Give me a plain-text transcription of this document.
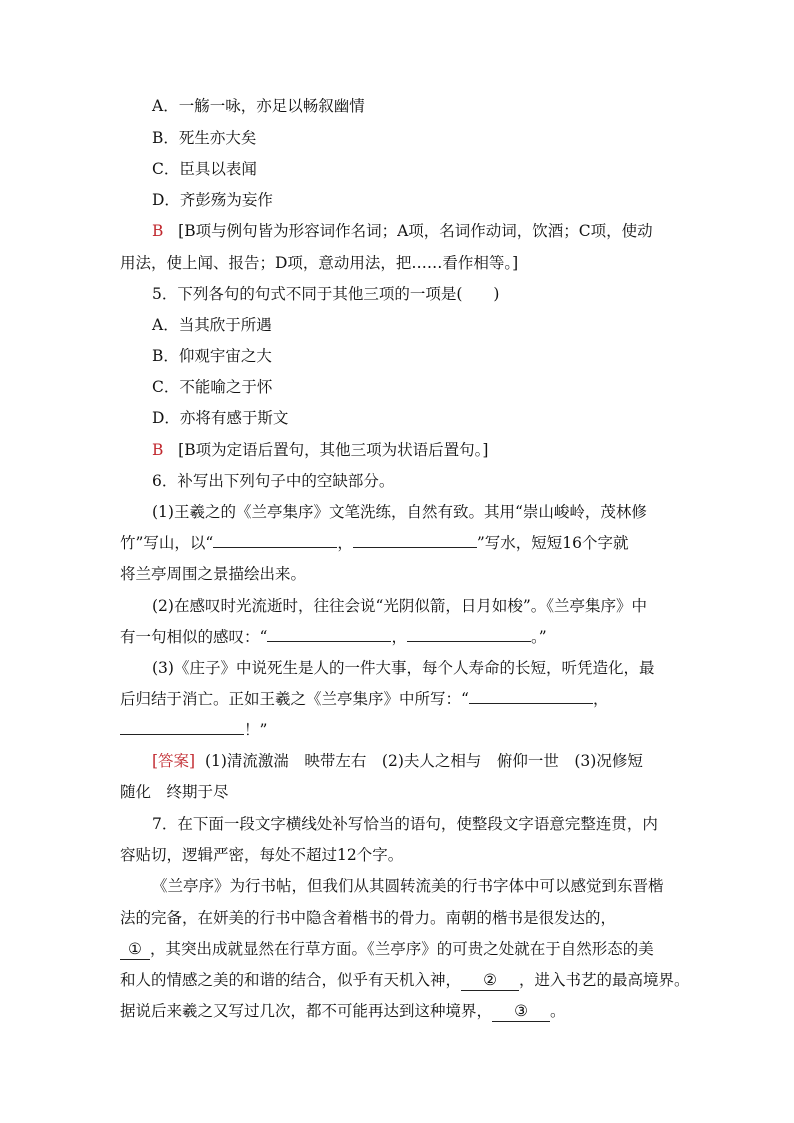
A．一觞一咏，亦足以畅叙幽情
B．死生亦大矣
C．臣具以表闻
D．齐彭殇为妄作
B [B项与例句皆为形容词作名词；A项，名词作动词，饮酒；C项，使动
用法，使上闻、报告；D项，意动用法，把……看作相等。]
5．下列各句的句式不同于其他三项的一项是(　　)
A．当其欣于所遇
B．仰观宇宙之大
C．不能喻之于怀
D．亦将有感于斯文
B [B项为定语后置句，其他三项为状语后置句。]
6．补写出下列句子中的空缺部分。
(1)王羲之的《兰亭集序》文笔洗练，自然有致。其用“崇山峻岭，茂林修
竹”写山，以“	，	”写水，短短16个字就
将兰亭周围之景描绘出来。
(2)在感叹时光流逝时，往往会说“光阴似箭，日月如梭”。《兰亭集序》中
有一句相似的感叹：“	，	。”
(3)《庄子》中说死生是人的一件大事，每个人寿命的长短，听凭造化，最
后归结于消亡。正如王羲之《兰亭集序》中所写：“	，
！”
[答案] (1)清流激湍　映带左右　(2)夫人之相与　俯仰一世　(3)况修短
随化　终期于尽
7．在下面一段文字横线处补写恰当的语句，使整段文字语意完整连贯，内
容贴切，逻辑严密，每处不超过12个字。
《兰亭序》为行书帖，但我们从其圆转流美的行书字体中可以感觉到东晋楷
法的完备，在妍美的行书中隐含着楷书的骨力。南朝的楷书是很发达的，
① ，其突出成就显然在行草方面。《兰亭序》的可贵之处就在于自然形态的美
和人的情感之美的和谐的结合，似乎有天机入神， ② ，进入书艺的最高境界。
据说后来羲之又写过几次，都不可能再达到这种境界， ③ 。
